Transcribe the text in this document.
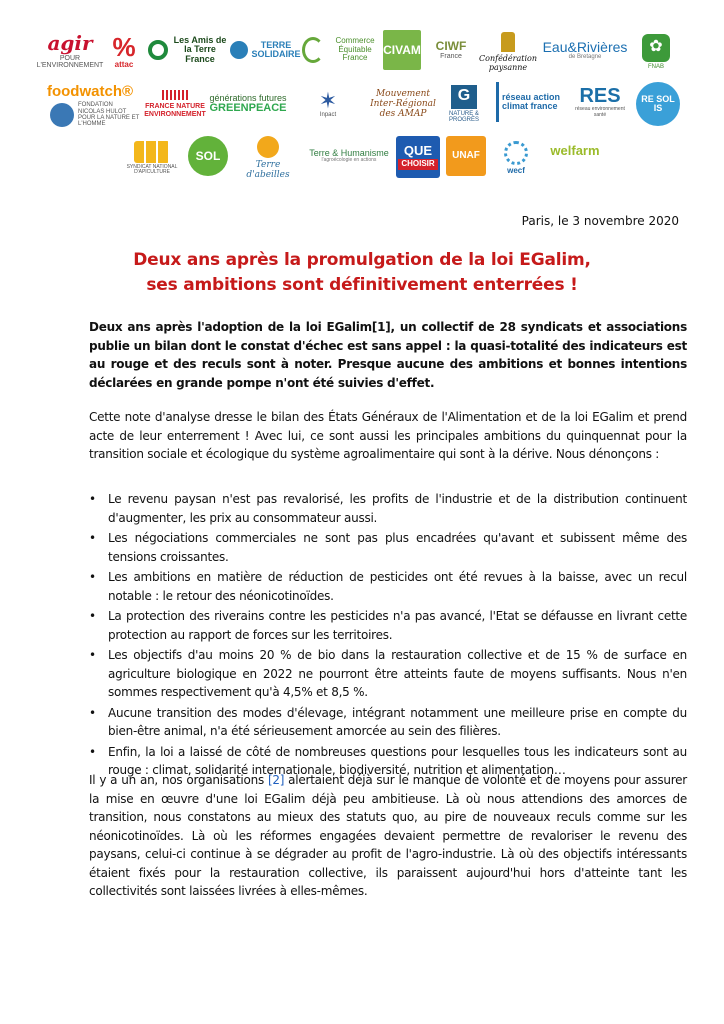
agir
POUR L'ENVIRONNEMENT
%
attac
Les Amis de la Terre France
TERRE SOLIDAIRE
Commerce Équitable France
CIVAM CIWF
France Confédération paysanne
Eau&Rivières
de Bretagne
✿
FNAB
foodwatch®
FONDATION NICOLAS HULOT POUR LA NATURE ET L'HOMME
FRANCE NATURE ENVIRONNEMENT
générations futures
GREENPEACE ✶
Inpact
Mouvement Inter-Régional des AMAP
G
NATURE & PROGRÈS
réseau action climat france	RES
réseau environnement santé
RE SOL IS
SYNDICAT NATIONAL D'APICULTURE
SOL
Terre d'abeilles
Terre & Humanisme
l'agroécologie en actions
QUE
CHOISIR
UNAF
wecf
welfarm
Paris, le 3 novembre 2020
Deux ans après la promulgation de la loi EGalim,
ses ambitions sont définitivement enterrées !

Deux ans après l'adoption de la loi EGalim[1], un collectif de 28 syndicats et associations publie un bilan dont le constat d'échec est sans appel : la quasi-totalité des indicateurs est au rouge et des reculs sont à noter. Presque aucune des ambitions et bonnes intentions déclarées en grande pompe n'ont été suivies d'effet.

Cette note d'analyse dresse le bilan des États Généraux de l'Alimentation et de la loi EGalim et prend acte de leur enterrement ! Avec lui, ce sont aussi les principales ambitions du quinquennat pour la transition sociale et écologique du système agroalimentaire qui sont à la dérive. Nous dénonçons :

• Le revenu paysan n'est pas revalorisé, les profits de l'industrie et de la distribution continuent d'augmenter, les prix au consommateur aussi.
• Les négociations commerciales ne sont pas plus encadrées qu'avant et subissent même des tensions croissantes.
• Les ambitions en matière de réduction de pesticides ont été revues à la baisse, avec un recul notable : le retour des néonicotinoïdes.
• La protection des riverains contre les pesticides n'a pas avancé, l'Etat se défausse en livrant cette protection au rapport de forces sur les territoires.
• Les objectifs d'au moins 20 % de bio dans la restauration collective et de 15 % de surface en agriculture biologique en 2022 ne pourront être atteints faute de moyens suffisants. Nous n'en sommes respectivement qu'à 4,5% et 8,5 %.
• Aucune transition des modes d'élevage, intégrant notamment une meilleure prise en compte du bien-être animal, n'a été sérieusement amorcée au sein des filières.
• Enfin, la loi a laissé de côté de nombreuses questions pour lesquelles tous les indicateurs sont au rouge : climat, solidarité internationale, biodiversité, nutrition et alimentation…

Il y a un an, nos organisations [2] alertaient déjà sur le manque de volonté et de moyens pour assurer la mise en œuvre d'une loi EGalim déjà peu ambitieuse. Là où nous attendions des amorces de transition, nous constatons au mieux des statuts quo, au pire de nouveaux reculs comme sur les néonicotinoïdes. Là où les réformes engagées devaient permettre de revaloriser le revenu des paysans, celui-ci continue à se dégrader au profit de l'agro-industrie. Là où des objectifs intéressants étaient fixés pour la restauration collective, ils paraissent aujourd'hui hors d'atteinte tant les collectivités sont laissées livrées à elles-mêmes.
